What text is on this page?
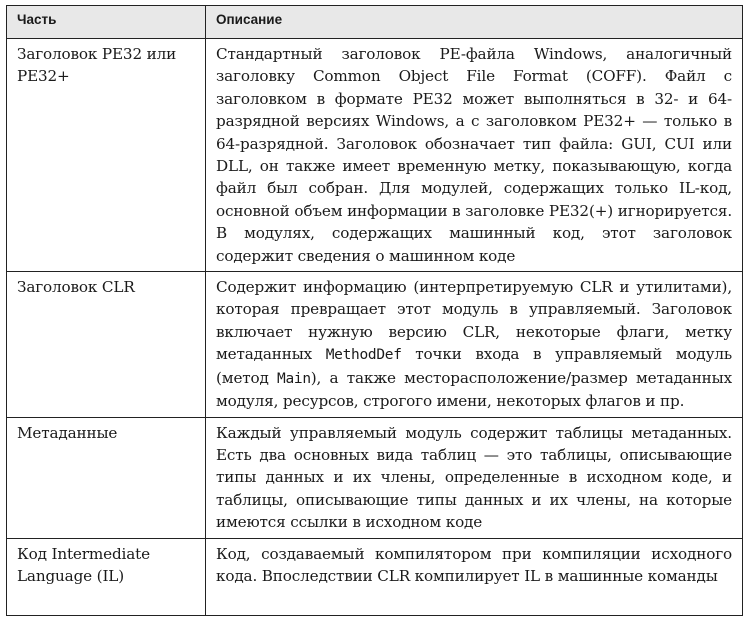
Часть	Описание
Заголовок PE32 или PE32+	Стандартный заголовок PE-файла Windows, аналогичный заголовку Common Object File Format (COFF). Файл с заголовком в формате PE32 может выполняться в 32- и 64-разрядной версиях Windows, а с заголовком PE32+ — только в 64-разрядной. Заголовок обозначает тип файла: GUI, CUI или DLL, он также имеет временную метку, показывающую, когда файл был собран. Для модулей, содержащих только IL-код, основной объем информации в заголовке PE32(+) игнорируется. В модулях, содержащих машинный код, этот заголовок содержит сведения о машинном коде
Заголовок CLR	Содержит информацию (интерпретируемую CLR и утилитами), которая превращает этот модуль в управляемый. Заголовок включает нужную версию CLR, некоторые флаги, метку метаданных MethodDef точки входа в управляемый модуль (метод Main), а также месторасположение/размер метаданных модуля, ресурсов, строгого имени, некоторых флагов и пр.
Метаданные	Каждый управляемый модуль содержит таблицы метаданных. Есть два основных вида таблиц — это таблицы, описывающие типы данных и их члены, определенные в исходном коде, и таблицы, описывающие типы данных и их члены, на которые имеются ссылки в исходном коде
Код Intermediate Language (IL)	Код, создаваемый компилятором при компиляции исходного кода. Впоследствии CLR компилирует IL в машинные команды
